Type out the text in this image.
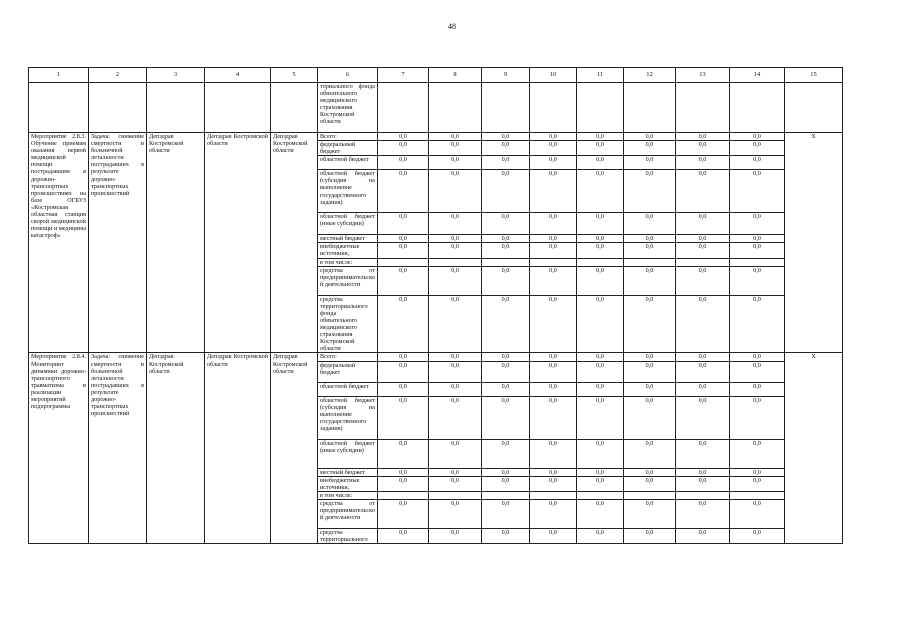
48
1	2	3	4	5	6	7	8	9	10	11	12	13	14	15
					ториального фонда обязательного медицинского страхования Костромской области									
Мероприятие 2.8.3. Обучение приемам оказания первой медицинской помощи пострадавшим в дорожно-транспортных происшествиях на базе ОГБУЗ «Костромская областная станция скорой медицинской помощи и медицины катастроф»	Задача: снижение смертности и больничной летальности пострадавших в результате дорожно-транспортных происшествий	Депздрав Костромской области	Депздрав Костромской области	Депздрав Костромской области	Всего:	0,0	0,0	0,0	0,0	0,0	0,0	0,0	0,0	Х
					федеральный бюджет	0,0	0,0	0,0	0,0	0,0	0,0	0,0	0,0	
					областной бюджет	0,0	0,0	0,0	0,0	0,0	0,0	0,0	0,0	
					областной бюджет (субсидия на выполнение государственного задания)	0,0	0,0	0,0	0,0	0,0	0,0	0,0	0,0	
					областной бюджет (иные субсидии)	0,0	0,0	0,0	0,0	0,0	0,0	0,0	0,0	
					местный бюджет	0,0	0,0	0,0	0,0	0,0	0,0	0,0	0,0	
					внебюджетные источники,	0,0	0,0	0,0	0,0	0,0	0,0	0,0	0,0	
					в том числе:									
					средства от предпринимательской деятельности	0,0	0,0	0,0	0,0	0,0	0,0	0,0	0,0	
					средства территориального фонда обязательного медицинского страхования Костромской области	0,0	0,0	0,0	0,0	0,0	0,0	0,0	0,0	
Мероприятие 2.8.4. Мониторинг динамики дорожно-транспортного травматизма и реализации мероприятий подпрограммы	Задача: снижение смертности и больничной летальности пострадавших в результате дорожно-транспортных происшествий	Депздрав Костромской области	Депздрав Костромской области	Депздрав Костромской области	Всего:	0,0	0,0	0,0	0,0	0,0	0,0	0,0	0,0	Х
					федеральный бюджет	0,0	0,0	0,0	0,0	0,0	0,0	0,0	0,0	
					областной бюджет	0,0	0,0	0,0	0,0	0,0	0,0	0,0	0,0	
					областной бюджет (субсидия на выполнение государственного задания)	0,0	0,0	0,0	0,0	0,0	0,0	0,0	0,0	
					областной бюджет (иные субсидии)	0,0	0,0	0,0	0,0	0,0	0,0	0,0	0,0	
					местный бюджет	0,0	0,0	0,0	0,0	0,0	0,0	0,0	0,0	
					внебюджетные источники,	0,0	0,0	0,0	0,0	0,0	0,0	0,0	0,0	
					в том числе:									
					средства от предпринимательской деятельности	0,0	0,0	0,0	0,0	0,0	0,0	0,0	0,0	
					средства территориального	0,0	0,0	0,0	0,0	0,0	0,0	0,0	0,0	
